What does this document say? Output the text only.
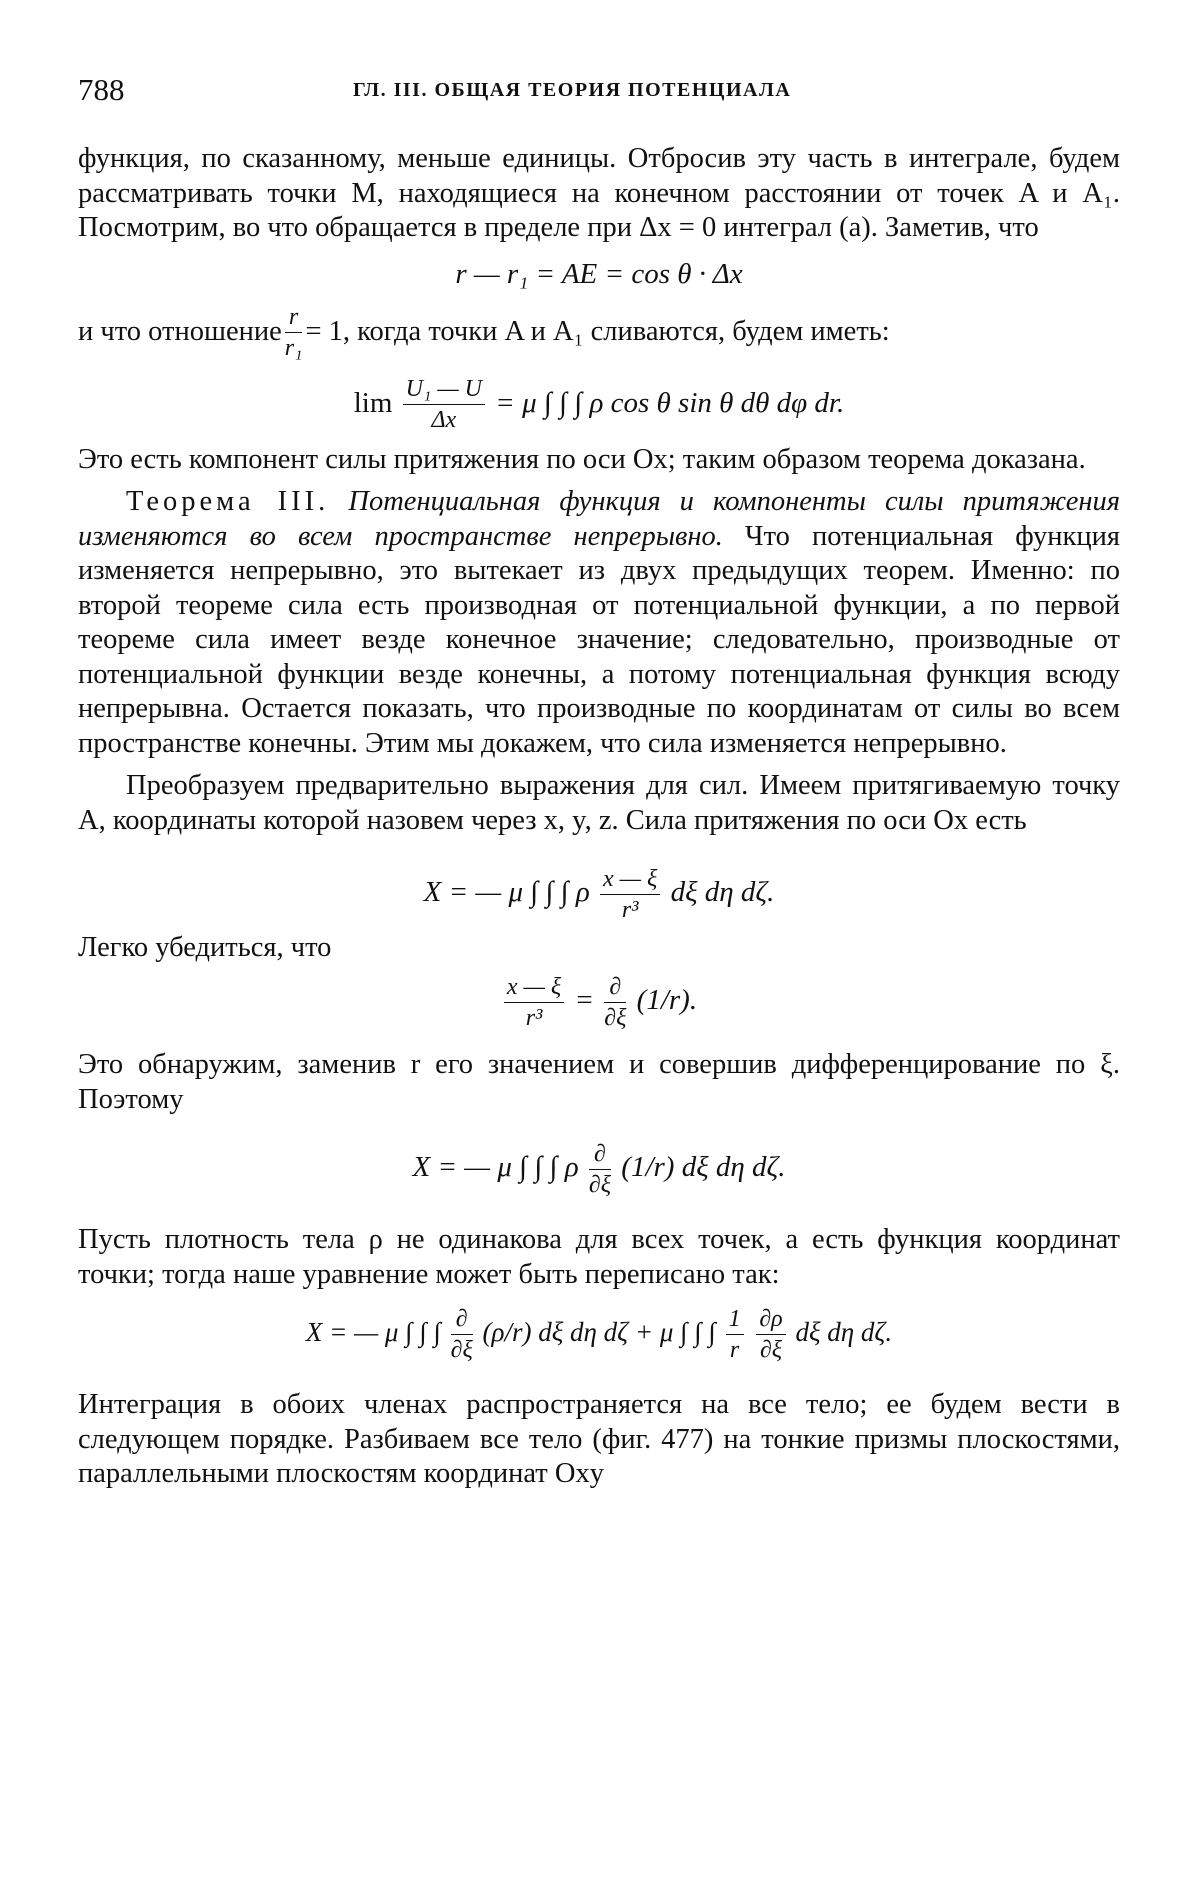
788	ГЛ. III. ОБЩАЯ ТЕОРИЯ ПОТЕНЦИАЛА

функция, по сказанному, меньше единицы. Отбросив эту часть в интеграле, будем рассматривать точки M, находящиеся на конечном расстоянии от точек A и A₁. Посмотрим, во что обращается в пределе при Δx = 0 интеграл (a). Заметив, что

r — r₁ = AE = cos θ · Δx
и что отношение $\frac{r}{\text{r₁}} = 1$, когда точки A и A₁ сливаются, будем иметь:
$\lim \frac{\text{U₁ — U}}{\Delta x} = \mu$ ∫ ∫ ∫ ρ cos θ sin θ dθ dφ dr.

Это есть компонент силы притяжения по оси Ox; таким образом теорема доказана.

Теорема III. Потенциальная функция и компоненты силы притяжения изменяются во всем пространстве непрерывно. Что потенциальная функция изменяется непрерывно, это вытекает из двух предыдущих теорем. Именно: по второй теореме сила есть производная от потенциальной функции, а по первой теореме сила имеет везде конечное значение; следовательно, производные от потенциальной функции везде конечны, а потому потенциальная функция всюду непрерывна. Остается показать, что производные по координатам от силы во всем пространстве конечны. Этим мы докажем, что сила изменяется непрерывно.

Преобразуем предварительно выражения для сил. Имеем притягиваемую точку A, координаты которой назовем через x, y, z. Сила притяжения по оси Ox есть

X = — μ ∫ ∫ ∫ ρ $\frac{x — \xi}{\text{r³}}$ dξ dη dζ.
Легко убедиться, что
$\frac{x — \xi}{\text{r³}} = \frac{\partial}{\partial\xi} (1/r)$.

Это обнаружим, заменив r его значением и совершив дифференцирование по ξ. Поэтому

X = — μ ∫ ∫ ∫ ρ $\frac{\partial}{\partial\xi} (1/r)$ dξ dη dζ.

Пусть плотность тела ρ не одинакова для всех точек, а есть функция координат точки; тогда наше уравнение может быть переписано так:

X = — μ ∫ ∫ ∫ $\frac{\partial}{\partial\xi} (\rho/r)$ dξ dη dζ + μ ∫ ∫ ∫ $\frac{1}{r}$
$\frac{\partial\rho}{\partial\xi}$ dξ dη dζ.

Интеграция в обоих членах распространяется на все тело; ее будем вести в следующем порядке. Разбиваем все тело (фиг. 477) на тонкие призмы плоскостями, параллельными плоскостям координат Oxy
